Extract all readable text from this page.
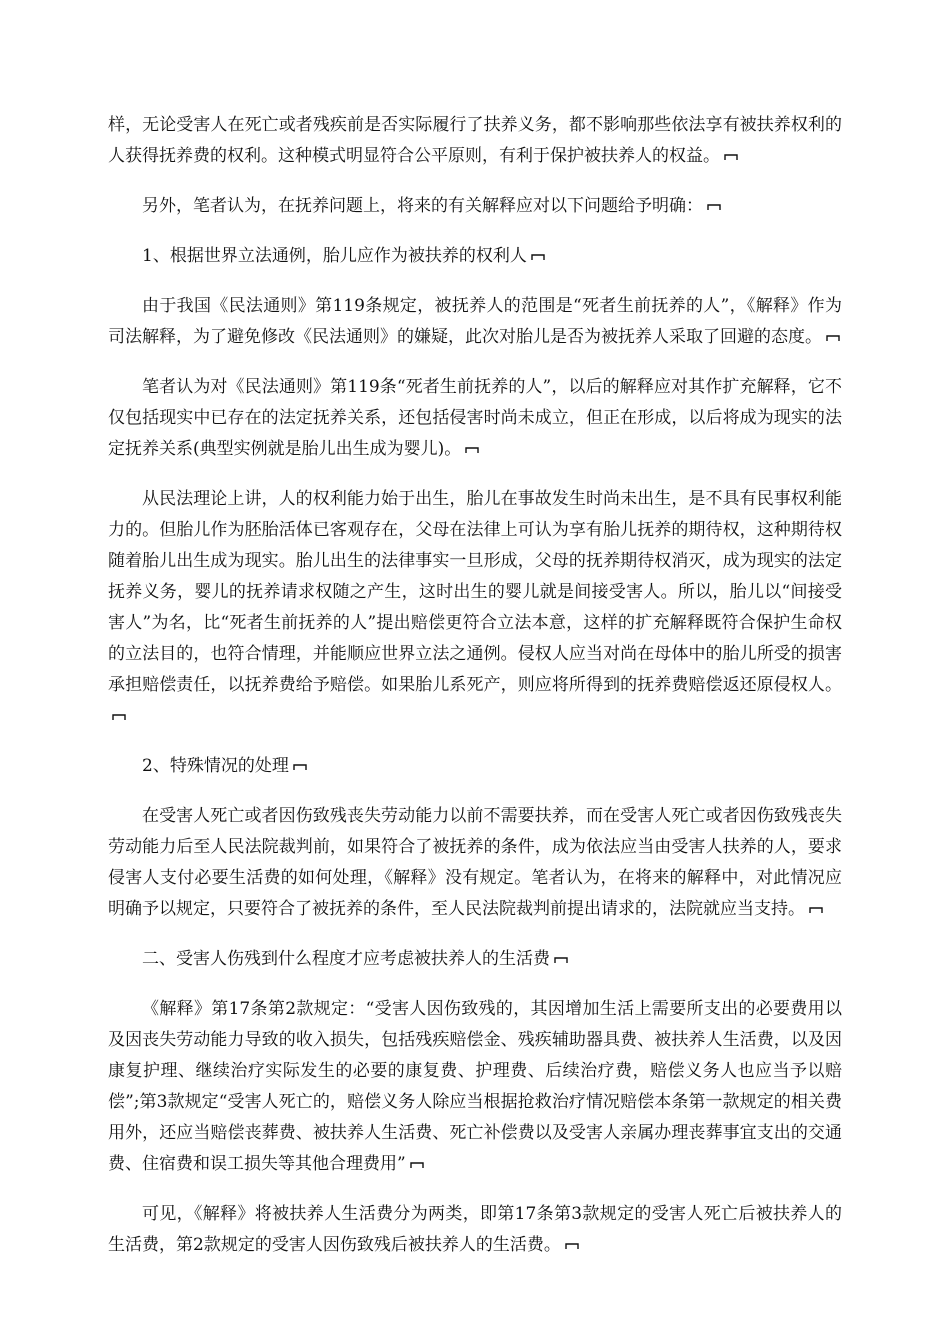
样，无论受害人在死亡或者残疾前是否实际履行了扶养义务，都不影响那些依法享有被扶养权利的人获得抚养费的权利。这种模式明显符合公平原则，有利于保护被扶养人的权益。

另外，笔者认为，在抚养问题上，将来的有关解释应对以下问题给予明确：

1、根据世界立法通例，胎儿应作为被扶养的权利人

由于我国《民法通则》第119条规定，被抚养人的范围是“死者生前抚养的人”，《解释》作为司法解释，为了避免修改《民法通则》的嫌疑，此次对胎儿是否为被抚养人采取了回避的态度。

笔者认为对《民法通则》第119条“死者生前抚养的人”，以后的解释应对其作扩充解释，它不仅包括现实中已存在的法定抚养关系，还包括侵害时尚未成立，但正在形成，以后将成为现实的法定抚养关系(典型实例就是胎儿出生成为婴儿)。

从民法理论上讲，人的权利能力始于出生，胎儿在事故发生时尚未出生，是不具有民事权利能力的。但胎儿作为胚胎活体已客观存在，父母在法律上可认为享有胎儿抚养的期待权，这种期待权随着胎儿出生成为现实。胎儿出生的法律事实一旦形成，父母的抚养期待权消灭，成为现实的法定抚养义务，婴儿的抚养请求权随之产生，这时出生的婴儿就是间接受害人。所以，胎儿以“间接受害人”为名，比“死者生前抚养的人”提出赔偿更符合立法本意，这样的扩充解释既符合保护生命权的立法目的，也符合情理，并能顺应世界立法之通例。侵权人应当对尚在母体中的胎儿所受的损害承担赔偿责任，以抚养费给予赔偿。如果胎儿系死产，则应将所得到的抚养费赔偿返还原侵权人。

2、特殊情况的处理

在受害人死亡或者因伤致残丧失劳动能力以前不需要扶养，而在受害人死亡或者因伤致残丧失劳动能力后至人民法院裁判前，如果符合了被抚养的条件，成为依法应当由受害人扶养的人，要求侵害人支付必要生活费的如何处理，《解释》没有规定。笔者认为，在将来的解释中，对此情况应明确予以规定，只要符合了被抚养的条件，至人民法院裁判前提出请求的，法院就应当支持。

二、受害人伤残到什么程度才应考虑被扶养人的生活费

《解释》第17条第2款规定：“受害人因伤致残的，其因增加生活上需要所支出的必要费用以及因丧失劳动能力导致的收入损失，包括残疾赔偿金、残疾辅助器具费、被扶养人生活费，以及因康复护理、继续治疗实际发生的必要的康复费、护理费、后续治疗费，赔偿义务人也应当予以赔偿”;第3款规定“受害人死亡的，赔偿义务人除应当根据抢救治疗情况赔偿本条第一款规定的相关费用外，还应当赔偿丧葬费、被扶养人生活费、死亡补偿费以及受害人亲属办理丧葬事宜支出的交通费、住宿费和误工损失等其他合理费用”

可见，《解释》将被扶养人生活费分为两类，即第17条第3款规定的受害人死亡后被扶养人的生活费，第2款规定的受害人因伤致残后被扶养人的生活费。
